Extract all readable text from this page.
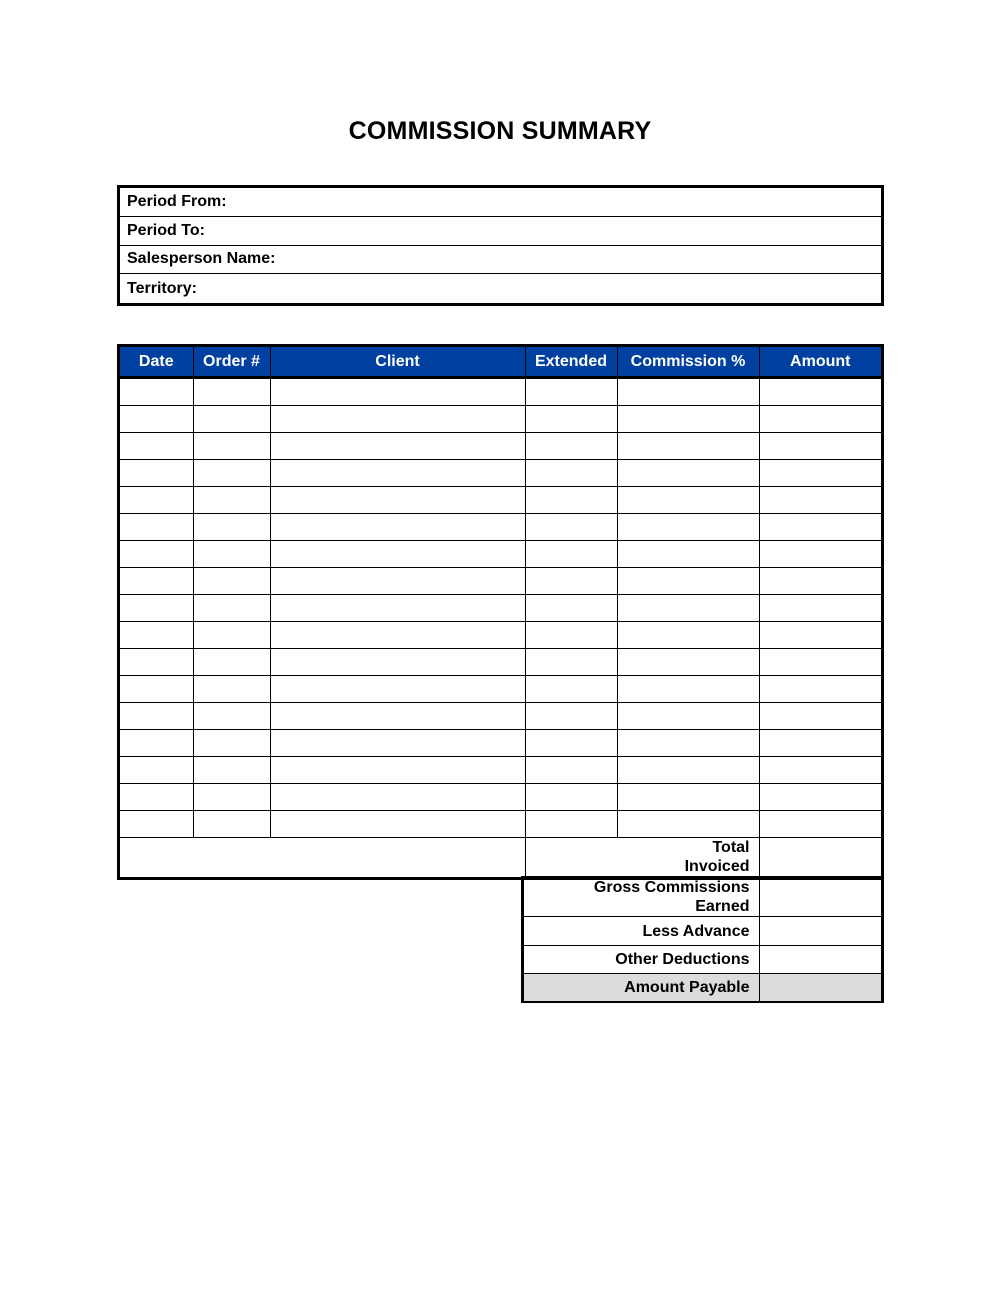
COMMISSION SUMMARY
Period From:
Period To:
Salesperson Name:
Territory:
Date	Order #	Client	Extended	Commission %	Amount

			Total
Invoiced		

Gross Commissions
Earned	

Less Advance	
Other Deductions	
Amount Payable	
